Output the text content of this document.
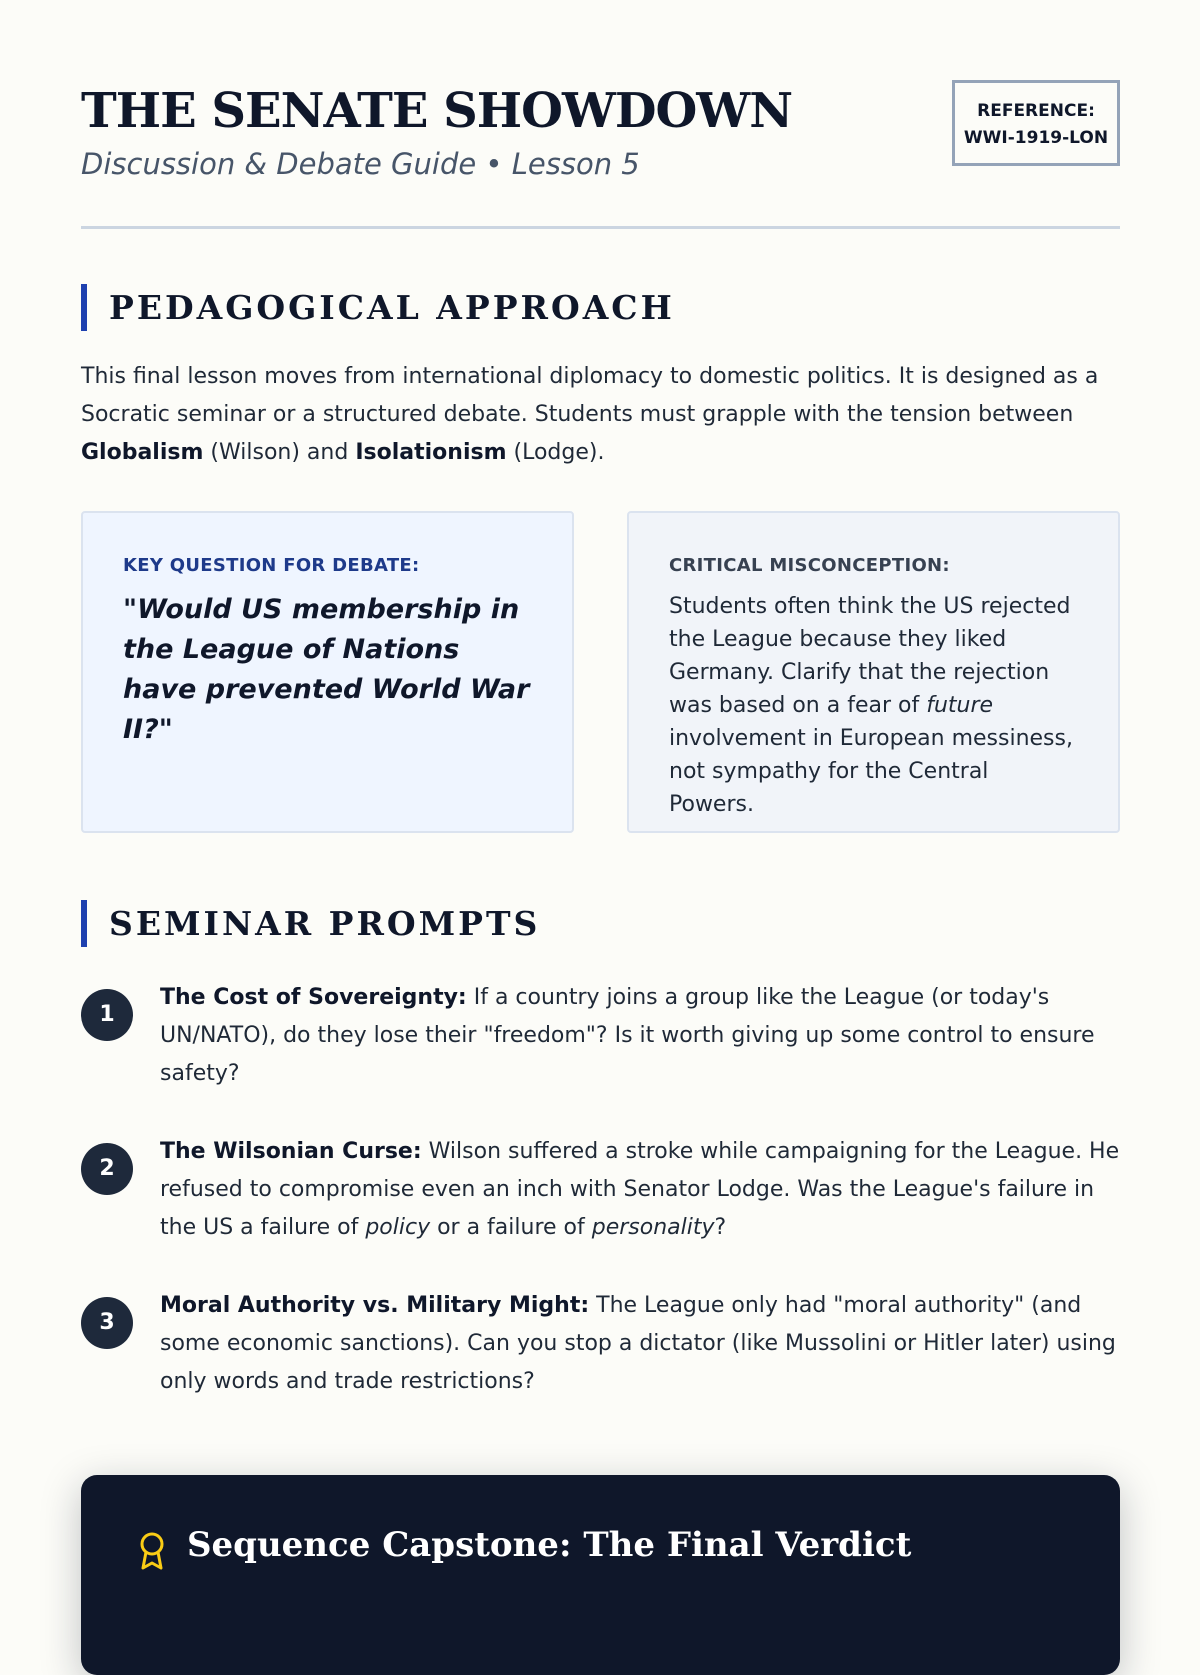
THE SENATE SHOWDOWN
Discussion & Debate Guide • Lesson 5
REFERENCE:
WWI-1919-LON
PEDAGOGICAL APPROACH

This final lesson moves from international diplomacy to domestic politics. It is designed as a Socratic seminar or a structured debate. Students must grapple with the tension between Globalism (Wilson) and Isolationism (Lodge).

KEY QUESTION FOR DEBATE:
"Would US membership in the League of Nations have prevented World War II?"
CRITICAL MISCONCEPTION:
Students often think the US rejected the League because they liked Germany. Clarify that the rejection was based on a fear of future involvement in European messiness, not sympathy for the Central Powers.
SEMINAR PROMPTS
1
The Cost of Sovereignty: If a country joins a group like the League (or today's UN/NATO), do they lose their "freedom"? Is it worth giving up some control to ensure safety?
2
The Wilsonian Curse: Wilson suffered a stroke while campaigning for the League. He refused to compromise even an inch with Senator Lodge. Was the League's failure in the US a failure of policy or a failure of personality?
3
Moral Authority vs. Military Might: The League only had "moral authority" (and some economic sanctions). Can you stop a dictator (like Mussolini or Hitler later) using only words and trade restrictions?
Sequence Capstone: The Final Verdict
